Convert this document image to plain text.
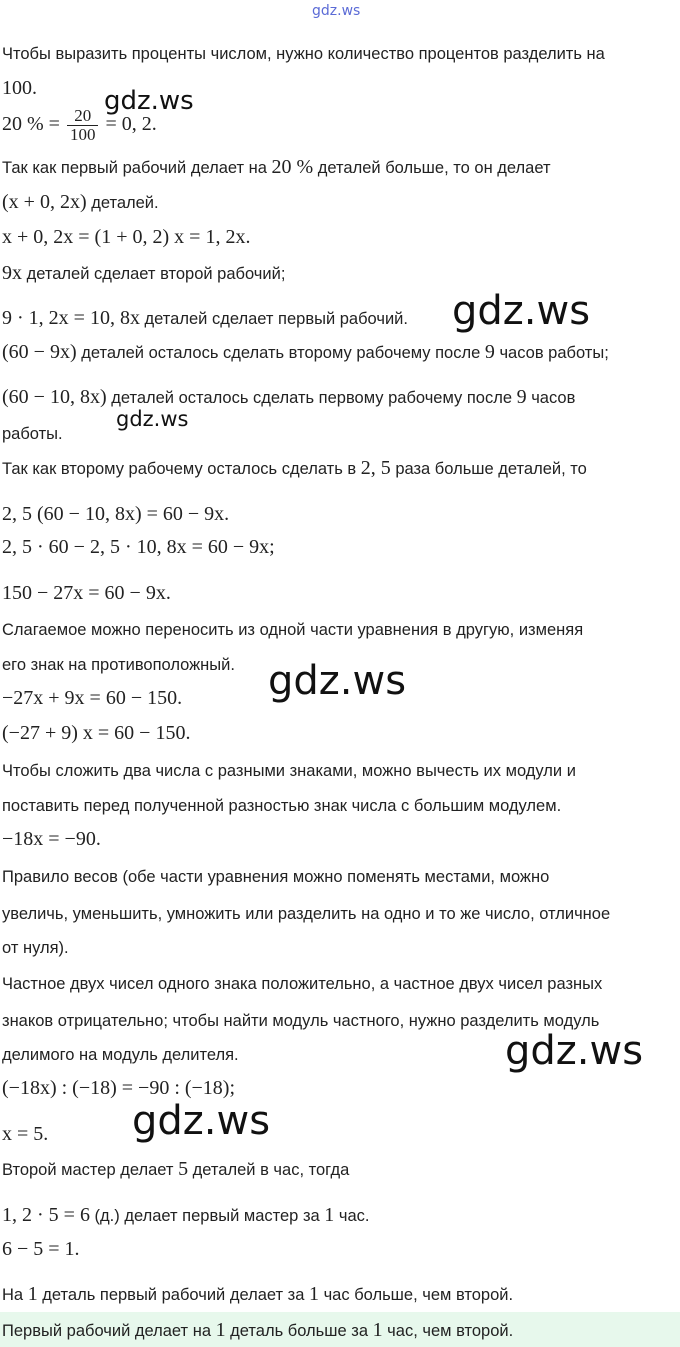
gdz.ws
Чтобы выразить проценты числом, нужно количество процентов разделить на
100.
20 % = $\frac{20}{100} = 0$, 2.
Так как первый рабочий делает на 20 % деталей больше, то он делает
(x + 0, 2x) деталей.
x + 0, 2x = (1 + 0, 2) x = 1, 2x.
9x деталей сделает второй рабочий;
9 · 1, 2x = 10, 8x деталей сделает первый рабочий.
(60 − 9x) деталей осталось сделать второму рабочему после 9 часов работы;
(60 − 10, 8x) деталей осталось сделать первому рабочему после 9 часов
работы.
Так как второму рабочему осталось сделать в 2, 5 раза больше деталей, то
2, 5 (60 − 10, 8x) = 60 − 9x.
2, 5 · 60 − 2, 5 · 10, 8x = 60 − 9x;
150 − 27x = 60 − 9x.
Слагаемое можно переносить из одной части уравнения в другую, изменяя
его знак на противоположный.
−27x + 9x = 60 − 150.
(−27 + 9) x = 60 − 150.
Чтобы сложить два числа с разными знаками, можно вычесть их модули и
поставить перед полученной разностью знак числа с большим модулем.
−18x = −90.
Правило весов (обе части уравнения можно поменять местами, можно
увеличь, уменьшить, умножить или разделить на одно и то же число, отличное
от нуля).
Частное двух чисел одного знака положительно, а частное двух чисел разных
знаков отрицательно; чтобы найти модуль частного, нужно разделить модуль
делимого на модуль делителя.
(−18x) : (−18) = −90 : (−18);
x = 5.
Второй мастер делает 5 деталей в час, тогда
1, 2 · 5 = 6 (д.) делает первый мастер за 1 час.
6 − 5 = 1.
На 1 деталь первый рабочий делает за 1 час больше, чем второй.
Первый рабочий делает на 1 деталь больше за 1 час, чем второй.
gdz.ws
gdz.ws
gdz.ws
gdz.ws
gdz.ws
gdz.ws
